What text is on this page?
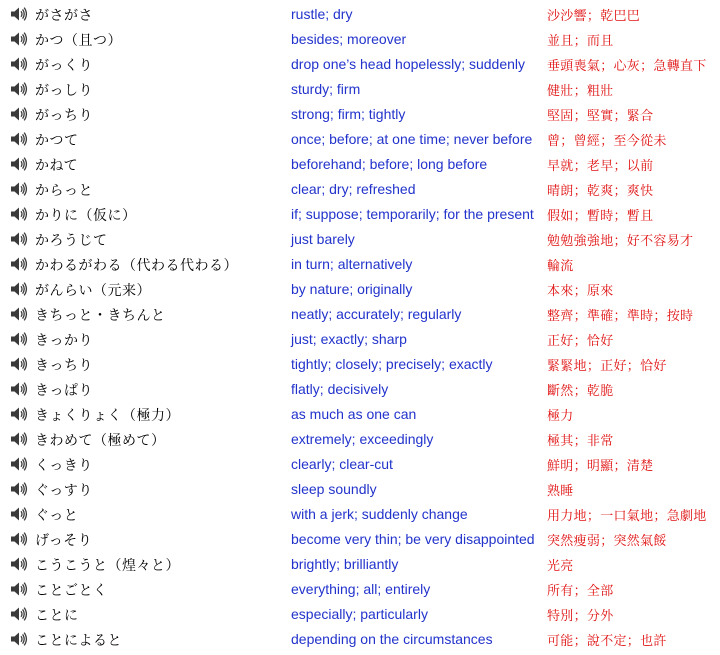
がさがさ	rustle; dry	沙沙響；乾巴巴
かつ（且つ）	besides; moreover	並且；而且
がっくり	drop one’s head hopelessly; suddenly 垂頭喪氣；心灰；急轉直下
がっしり	sturdy; firm	健壯；粗壯
がっちり	strong; firm; tightly	堅固；堅實；緊合
かつて	once; before; at one time; never before 曾；曾經；至今從未
かねて	beforehand; before; long before	早就；老早；以前
からっと	clear; dry; refreshed	晴朗；乾爽；爽快
かりに（仮に）	if; suppose; temporarily; for the present 假如；暫時；暫且
かろうじて	just barely	勉勉強強地；好不容易才
かわるがわる（代わる代わる）	in turn; alternatively	輪流
がんらい（元来）	by nature; originally	本來；原來
きちっと・きちんと	neatly; accurately; regularly	整齊；準確；準時；按時
きっかり	just; exactly; sharp	正好；恰好
きっちり	tightly; closely; precisely; exactly	緊緊地；正好；恰好
きっぱり	flatly; decisively	斷然；乾脆
きょくりょく（極力）	as much as one can	極力
きわめて（極めて）	extremely; exceedingly	極其；非常
くっきり	clearly; clear-cut	鮮明；明顯；清楚
ぐっすり	sleep soundly	熟睡
ぐっと	with a jerk; suddenly change	用力地；一口氣地；急劇地
げっそり	become very thin; be very disappointed 突然瘦弱；突然氣餒
こうこうと（煌々と）	brightly; brilliantly	光亮
ことごとく	everything; all; entirely	所有；全部
ことに	especially; particularly	特別；分外
ことによると	depending on the circumstances	可能；說不定；也許
